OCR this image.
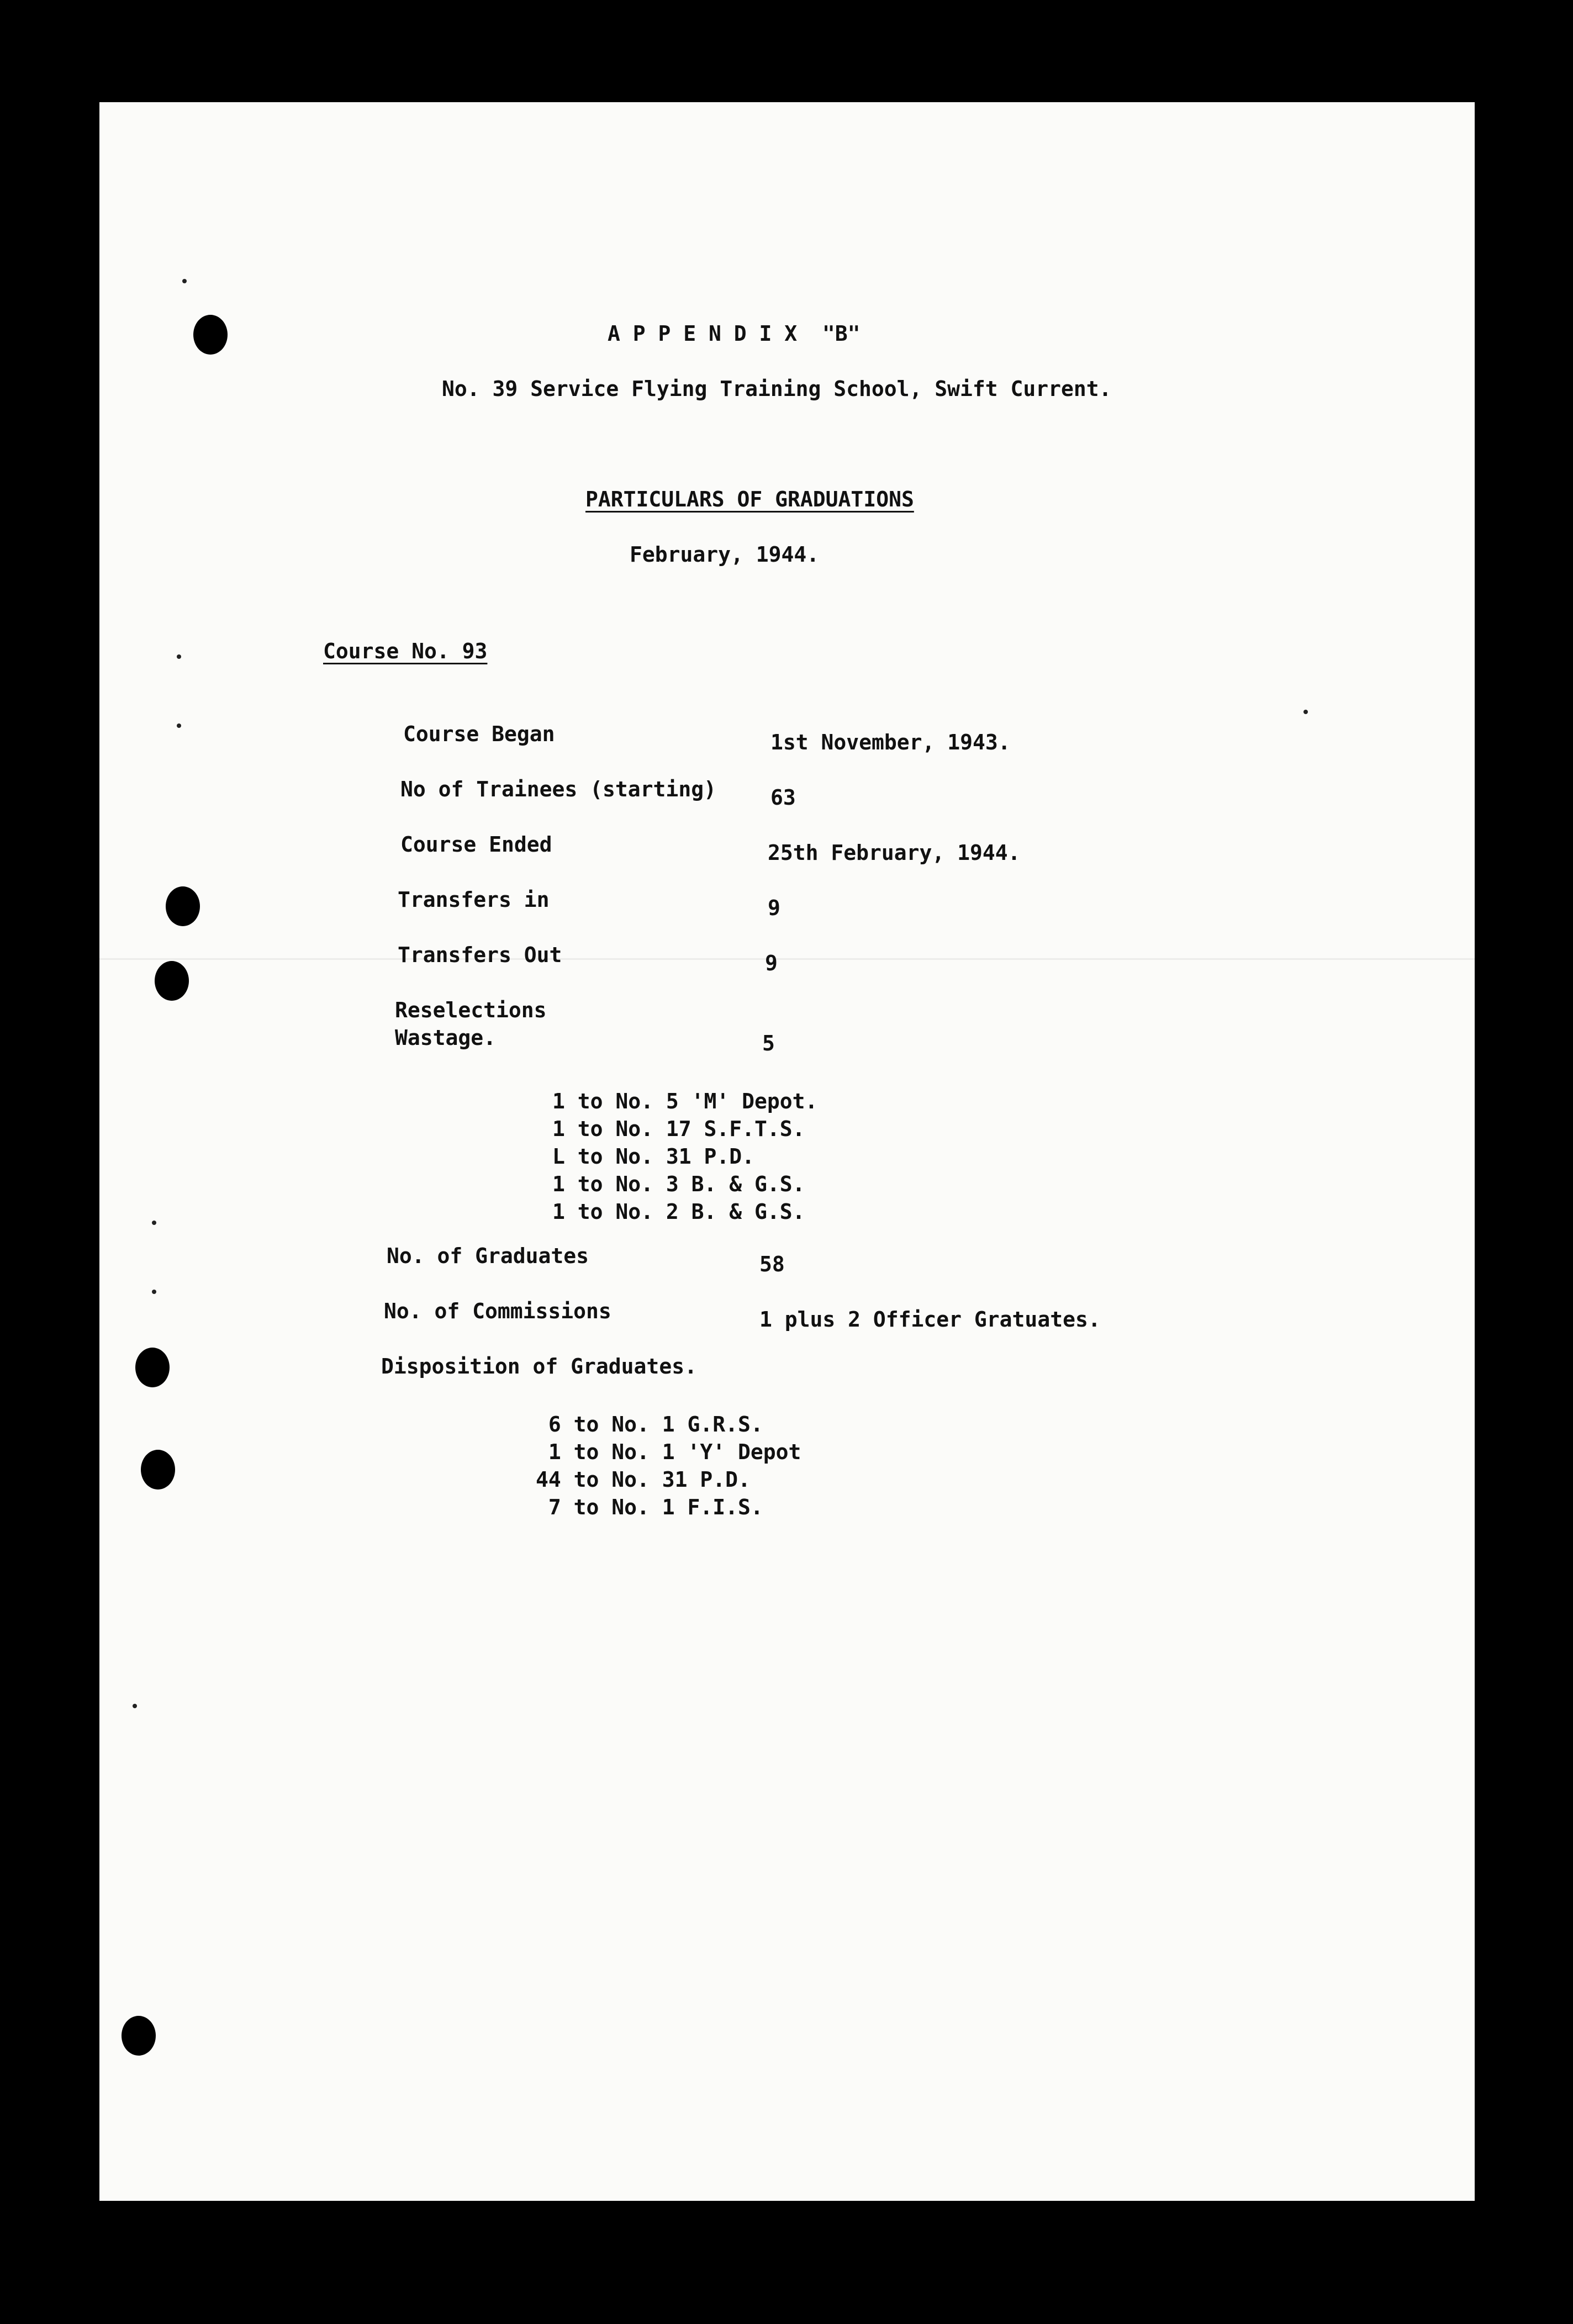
A P P E N D I X  "B"
No. 39 Service Flying Training School, Swift Current.
PARTICULARS OF GRADUATIONS
February, 1944.
Course No. 93
Course Began	1st November, 1943.
No of Trainees (starting)	63
Course Ended	25th February, 1944.
Transfers in	9
Transfers Out	9
Reselections
Wastage.	5
1 to No. 5 'M' Depot.
1 to No. 17 S.F.T.S.
L to No. 31 P.D.
1 to No. 3 B. & G.S.
1 to No. 2 B. & G.S.
No. of Graduates	58
No. of Commissions	1 plus 2 Officer Gratuates.
Disposition of Graduates.
6 to No. 1 G.R.S.
1 to No. 1 'Y' Depot
44 to No. 31 P.D.
7 to No. 1 F.I.S.
